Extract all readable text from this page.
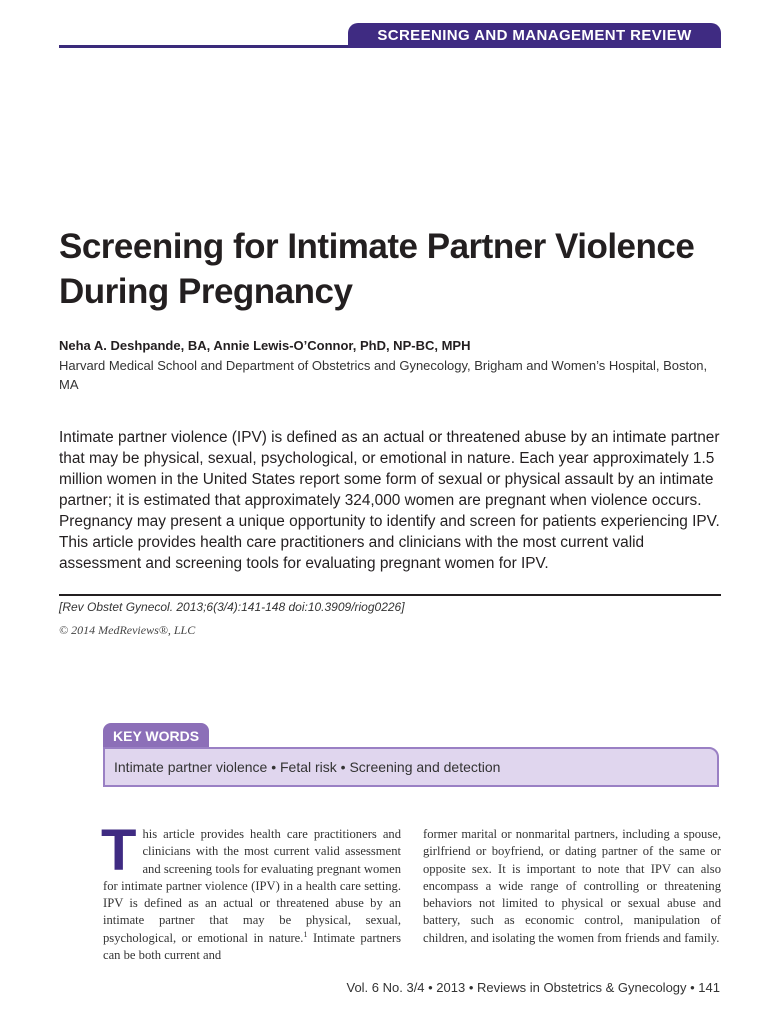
SCREENING AND MANAGEMENT REVIEW
Screening for Intimate Partner Violence
During Pregnancy
Neha A. Deshpande, BA, Annie Lewis-O’Connor, PhD, NP-BC, MPH
Harvard Medical School and Department of Obstetrics and Gynecology, Brigham and Women’s Hospital, Boston, MA
Intimate partner violence (IPV) is defined as an actual or threatened abuse by an intimate partner that may be physical, sexual, psychological, or emotional in nature. Each year approximately 1.5 million women in the United States report some form of sexual or physical assault by an intimate partner; it is estimated that approximately 324,000 women are pregnant when violence occurs. Pregnancy may present a unique opportunity to identify and screen for patients experiencing IPV. This article provides health care practitioners and clinicians with the most current valid assessment and screening tools for evaluating pregnant women for IPV.
[Rev Obstet Gynecol. 2013;6(3/4):141-148 doi:10.3909/riog0226]
© 2014 MedReviews®, LLC
KEY WORDS
Intimate partner violence • Fetal risk • Screening and detection
T his article provides health care practitioners and clinicians with the most current valid assessment and screening tools for evaluating pregnant women for intimate partner violence (IPV) in a health care setting. IPV is defined as an actual or threatened abuse by an intimate partner that may be physical, sexual, psychological, or emotional in nature.$^1$ Intimate partners can be both current and
former marital or nonmarital partners, including a spouse, girlfriend or boyfriend, or dating partner of the same or opposite sex. It is important to note that IPV can also encompass a wide range of controlling or threatening behaviors not limited to physical or sexual abuse and battery, such as economic control, manipulation of children, and isolating the women from friends and family.
Vol. 6 No. 3/4 • 2013 • Reviews in Obstetrics & Gynecology • 141
